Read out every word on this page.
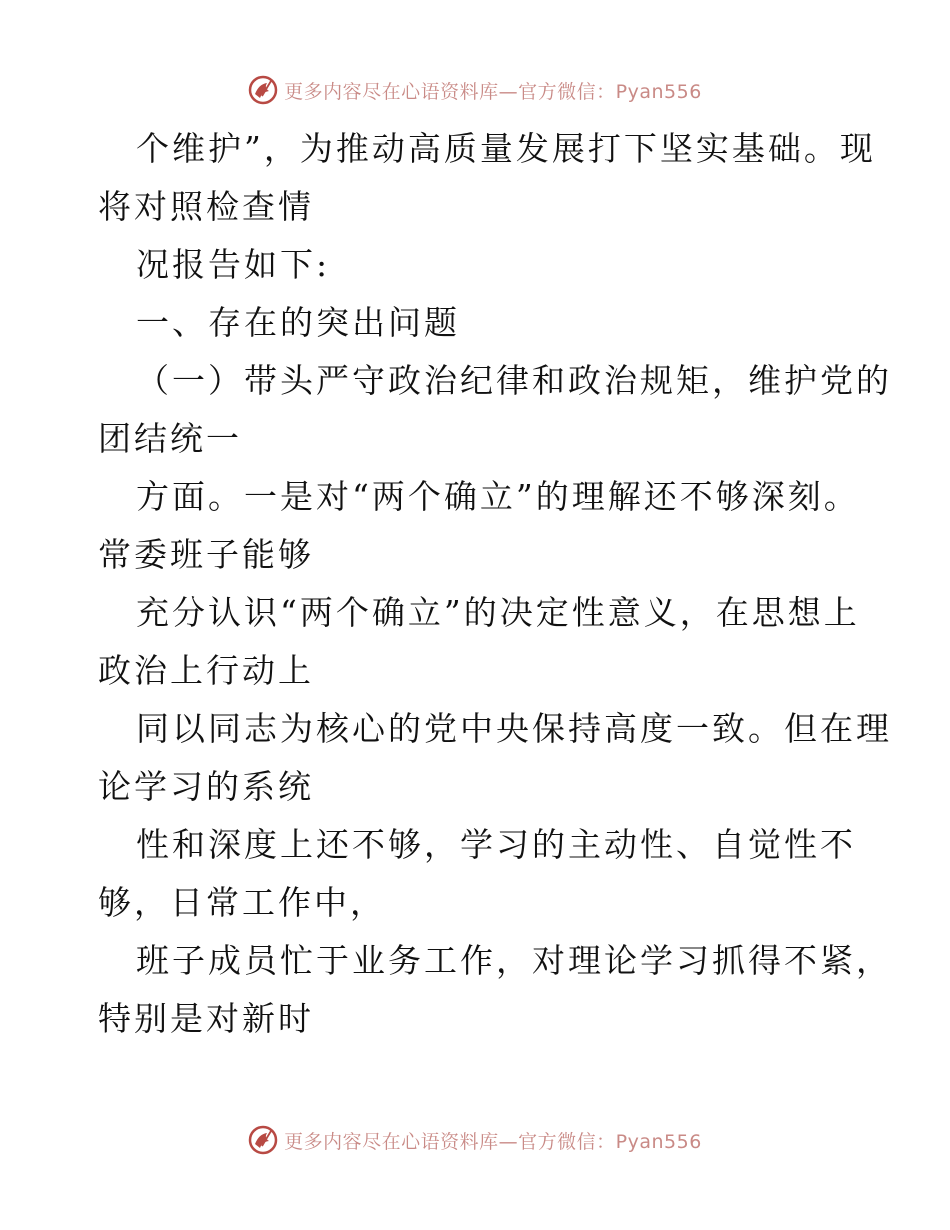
更多内容尽在心语资料库—官方微信：Pyan556
个维护”，为推动高质量发展打下坚实基础。现
将对照检查情
况报告如下:
一、存在的突出问题
（一）带头严守政治纪律和政治规矩，维护党的
团结统一
方面。一是对“两个确立”的理解还不够深刻。
常委班子能够
充分认识“两个确立”的决定性意义，在思想上
政治上行动上
同以同志为核心的党中央保持高度一致。但在理
论学习的系统
性和深度上还不够，学习的主动性、自觉性不
够，日常工作中，
班子成员忙于业务工作，对理论学习抓得不紧，
特别是对新时
更多内容尽在心语资料库—官方微信：Pyan556
